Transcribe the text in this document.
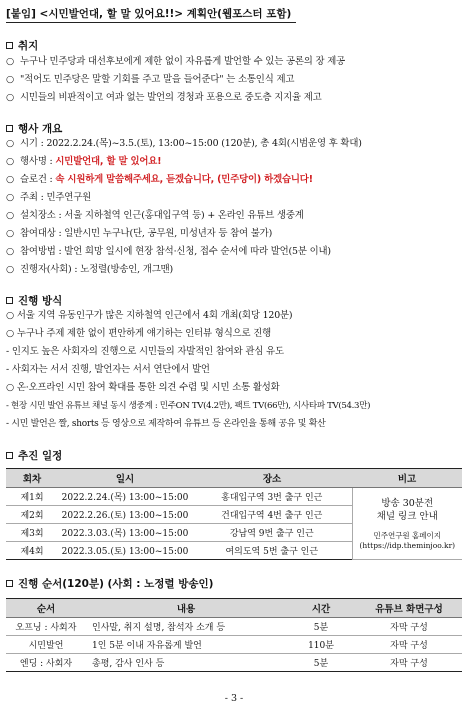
[붙임] <시민발언대, 할 말 있어요!!> 계획안(웹포스터 포함)
취지
○ 누구나 민주당과 대선후보에게 제한 없이 자유롭게 발언할 수 있는 공론의 장 제공
○ "적어도 민주당은 말할 기회를 주고 말을 들어준다" 는 소통인식 제고
○ 시민들의 비판적이고 여과 없는 발언의 경청과 포용으로 중도층 지지율 제고
행사 개요
○ 시기 : 2022.2.24.(목)~3.5.(토), 13:00~15:00 (120분), 총 4회(시범운영 후 확대)
○ 행사명 : 시민발언대, 할 말 있어요!
○ 슬로건 : 속 시원하게 말씀해주세요, 듣겠습니다, (민주당이) 하겠습니다!
○ 주최 : 민주연구원
○ 설치장소 : 서울 지하철역 인근(홍대입구역 등) + 온라인 유튜브 생중계
○ 참여대상 : 일반시민 누구나(단, 공무원, 미성년자 등 참여 불가)
○ 참여방법 : 발언 희망 일시에 현장 참석·신청, 접수 순서에 따라 발언(5분 이내)
○ 진행자(사회) : 노정렬(방송인, 개그맨)
진행 방식
○ 서울 지역 유동인구가 많은 지하철역 인근에서 4회 개최(회당 120분)
○ 누구나 주제 제한 없이 편안하게 얘기하는 인터뷰 형식으로 진행
- 인지도 높은 사회자의 진행으로 시민들의 자발적인 참여와 관심 유도
- 사회자는 서서 진행, 발언자는 서서 연단에서 발언
○ 온·오프라인 시민 참여 확대를 통한 의견 수렴 및 시민 소통 활성화
- 현장 시민 발언 유튜브 채널 동시 생중계 : 민주ON TV(4.2만), 팩트 TV(66만), 시사타파 TV(54.3만)
- 시민 발언은 짤, shorts 등 영상으로 제작하여 유튜브 등 온라인을 통해 공유 및 확산
추진 일정
회차	일시	장소	비고
제1회	2022.2.24.(목) 13:00~15:00	홍대입구역 3번 출구 인근	방송 30분전
채널 링크 안내
민주연구원 홈페이지
(https://idp.theminjoo.kr)

제2회	2022.2.26.(토) 13:00~15:00	건대입구역 4번 출구 인근	
제3회	2022.3.03.(목) 13:00~15:00	강남역 9번 출구 인근	
제4회	2022.3.05.(토) 13:00~15:00	여의도역 5번 출구 인근	
진행 순서(120분) (사회 : 노정렬 방송인)
순서	내용	시간	유튜브 화면구성
오프닝 : 사회자	인사말, 취지 설명, 참석자 소개 등	5분	자막 구성
시민발언	1인 5분 이내 자유롭게 발언	110분	자막 구성
엔딩 : 사회자	총평, 감사 인사 등	5분	자막 구성
- 3 -
